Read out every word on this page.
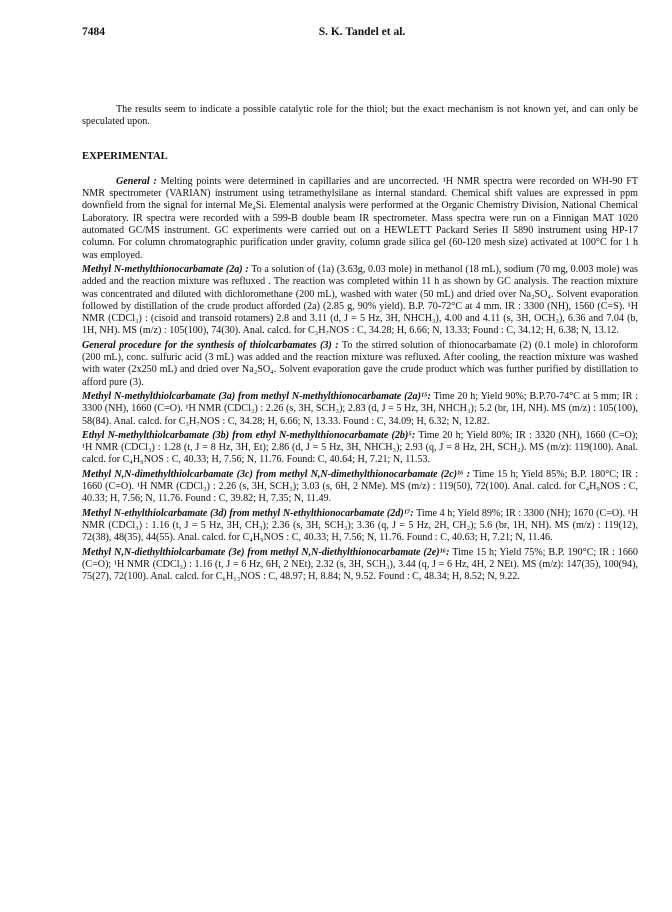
7484	S. K. Tandel et al.

The results seem to indicate a possible catalytic role for the thiol; but the exact mechanism is not known yet, and can only be speculated upon.

EXPERIMENTAL

General : Melting points were determined in capillaries and are uncorrected. ¹H NMR spectra were recorded on WH-90 FT NMR spectrometer (VARIAN) instrument using tetramethylsilane as internal standard. Chemical shift values are expressed in ppm downfield from the signal for internal Me₄Si. Elemental analysis were performed at the Organic Chemistry Division, National Chemical Laboratory. IR spectra were recorded with a 599-B double beam IR spectrometer. Mass spectra were run on a Finnigan MAT 1020 automated GC/MS instrument. GC experiments were carried out on a HEWLETT Packard Series II 5890 instrument using HP-17 column. For column chromatographic purification under gravity, column grade silica gel (60-120 mesh size) activated at 100°C for 1 h was employed.

Methyl N-methylthionocarbamate (2a) : To a solution of (1a) (3.63g, 0.03 mole) in methanol (18 mL), sodium (70 mg, 0.003 mole) was added and the reaction mixture was refluxed . The reaction was completed within 11 h as shown by GC analysis. The reaction mixture was concentrated and diluted with dichloromethane (200 mL), washed with water (50 mL) and dried over Na₂SO₄. Solvent evaporation followed by distillation of the crude product afforded (2a) (2.85 g, 90% yield). B.P. 70-72°C at 4 mm. IR : 3300 (NH), 1560 (C=S). ¹H NMR (CDCl₃) : (cisoid and transoid rotamers) 2.8 and 3.11 (d, J = 5 Hz, 3H, NHCH₃), 4.00 and 4.11 (s, 3H, OCH₃), 6.36 and 7.04 (b, 1H, NH). MS (m/z) : 105(100), 74(30). Anal. calcd. for C₃H₇NOS : C, 34.28; H, 6.66; N, 13.33; Found : C, 34.12; H, 6.38; N, 13.12.

General procedure for the synthesis of thiolcarbamates (3) : To the stirred solution of thionocarbamate (2) (0.1 mole) in chloroform (200 mL), conc. sulfuric acid (3 mL) was added and the reaction mixture was refluxed. After cooling, the reaction mixture was washed with water (2x250 mL) and dried over Na₂SO₄. Solvent evaporation gave the crude product which was further purified by distillation to afford pure (3).

Methyl N-methylthiolcarbamate (3a) from methyl N-methylthionocarbamate (2a)¹⁵: Time 20 h; Yield 90%; B.P.70-74°C at 5 mm; IR : 3300 (NH), 1660 (C=O). ¹H NMR (CDCl₃) : 2.26 (s, 3H, SCH₃); 2.83 (d, J = 5 Hz, 3H, NHCH₃); 5.2 (br, 1H, NH). MS (m/z) : 105(100), 58(84). Anal. calcd. for C₃H₇NOS : C, 34.28; H, 6.66; N, 13.33. Found : C, 34.09; H, 6.32; N, 12.82.

Ethyl N-methylthiolcarbamate (3b) from ethyl N-methylthionocarbamate (2b)⁵: Time 20 h; Yield 80%; IR : 3320 (NH), 1660 (C=O); ¹H NMR (CDCl₃) : 1.28 (t, J = 8 Hz, 3H, Et); 2.86 (d, J = 5 Hz, 3H, NHCH₃); 2.93 (q, J = 8 Hz, 2H, SCH₂). MS (m/z): 119(100). Anal. calcd. for C₄H₉NOS : C, 40.33; H, 7.56; N, 11.76. Found: C, 40.64; H, 7.21; N, 11.53.

Methyl N,N-dimethylthiolcarbamate (3c) from methyl N,N-dimethylthionocarbamate (2c)¹⁶ : Time 15 h; Yield 85%; B.P. 180°C; IR : 1660 (C=O). ¹H NMR (CDCl₃) : 2.26 (s, 3H, SCH₃); 3.03 (s, 6H, 2 NMe). MS (m/z) : 119(50), 72(100). Anal. calcd. for C₄H₉NOS : C, 40.33; H, 7.56; N, 11.76. Found : C, 39.82; H, 7.35; N, 11.49.

Methyl N-ethylthiolcarbamate (3d) from methyl N-ethylthionocarbamate (2d)¹⁷: Time 4 h; Yield 89%; IR : 3300 (NH); 1670 (C=O). ¹H NMR (CDCl₃) : 1.16 (t, J = 5 Hz, 3H, CH₃); 2.36 (s, 3H, SCH₃); 3.36 (q, J = 5 Hz, 2H, CH₂); 5.6 (br, 1H, NH). MS (m/z) : 119(12), 72(38), 48(35), 44(55). Anal. calcd. for C₄H₉NOS : C, 40.33; H, 7.56; N, 11.76. Found : C, 40.63; H, 7.21; N, 11.46.

Methyl N,N-diethylthiolcarbamate (3e) from methyl N,N-diethylthionocarbamate (2e)¹⁶: Time 15 h; Yield 75%; B.P. 190°C; IR : 1660 (C=O); ¹H NMR (CDCl₃) : 1.16 (t, J = 6 Hz, 6H, 2 NEt), 2.32 (s, 3H, SCH₃), 3.44 (q, J = 6 Hz, 4H, 2 NEt). MS (m/z): 147(35), 100(94), 75(27), 72(100). Anal. calcd. for C₆H₁₃NOS : C, 48.97; H, 8.84; N, 9.52. Found : C, 48.34; H, 8.52; N, 9.22.
